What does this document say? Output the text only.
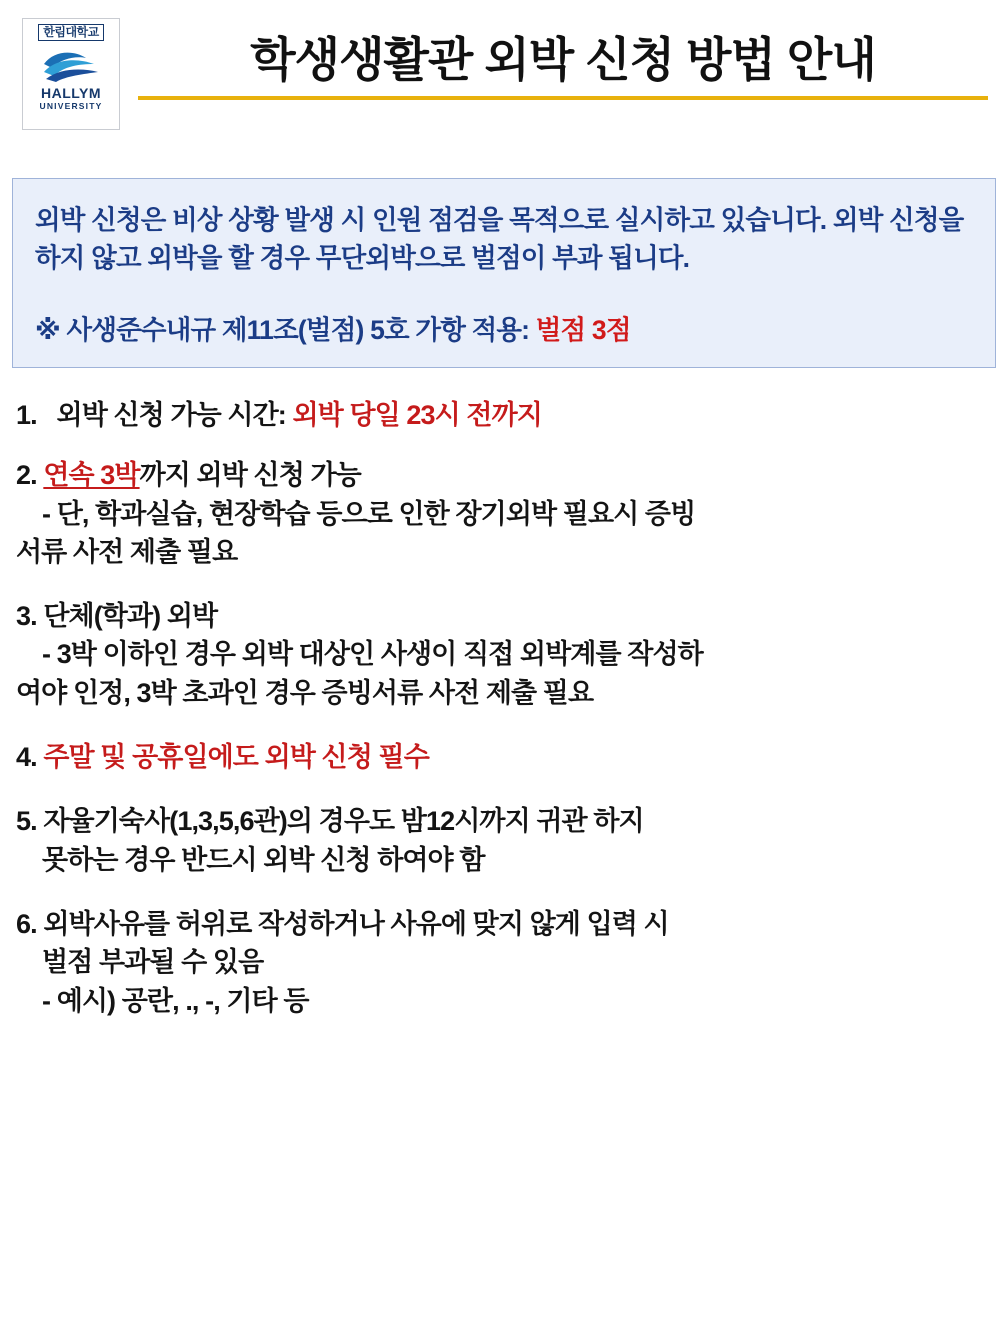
한림대학교
HALLYM
UNIVERSITY
학생생활관 외박 신청 방법 안내
외박 신청은 비상 상황 발생 시 인원 점검을 목적으로 실시하고 있습니다. 외박 신청을 하지 않고 외박을 할 경우 무단외박으로 벌점이 부과 됩니다.
※ 사생준수내규 제11조(벌점) 5호 가항 적용: 벌점 3점
1. 외박 신청 가능 시간: 외박 당일 23시 전까지
2. 연속 3박까지 외박 신청 가능
- 단, 학과실습, 현장학습 등으로 인한 장기외박 필요시 증빙
서류 사전 제출 필요
3. 단체(학과) 외박
- 3박 이하인 경우 외박 대상인 사생이 직접 외박계를 작성하
여야 인정, 3박 초과인 경우 증빙서류 사전 제출 필요
4. 주말 및 공휴일에도 외박 신청 필수
5. 자율기숙사(1,3,5,6관)의 경우도 밤12시까지 귀관 하지
못하는 경우 반드시 외박 신청 하여야 함
6. 외박사유를 허위로 작성하거나 사유에 맞지 않게 입력 시
벌점 부과될 수 있음
- 예시) 공란, ., -, 기타 등
